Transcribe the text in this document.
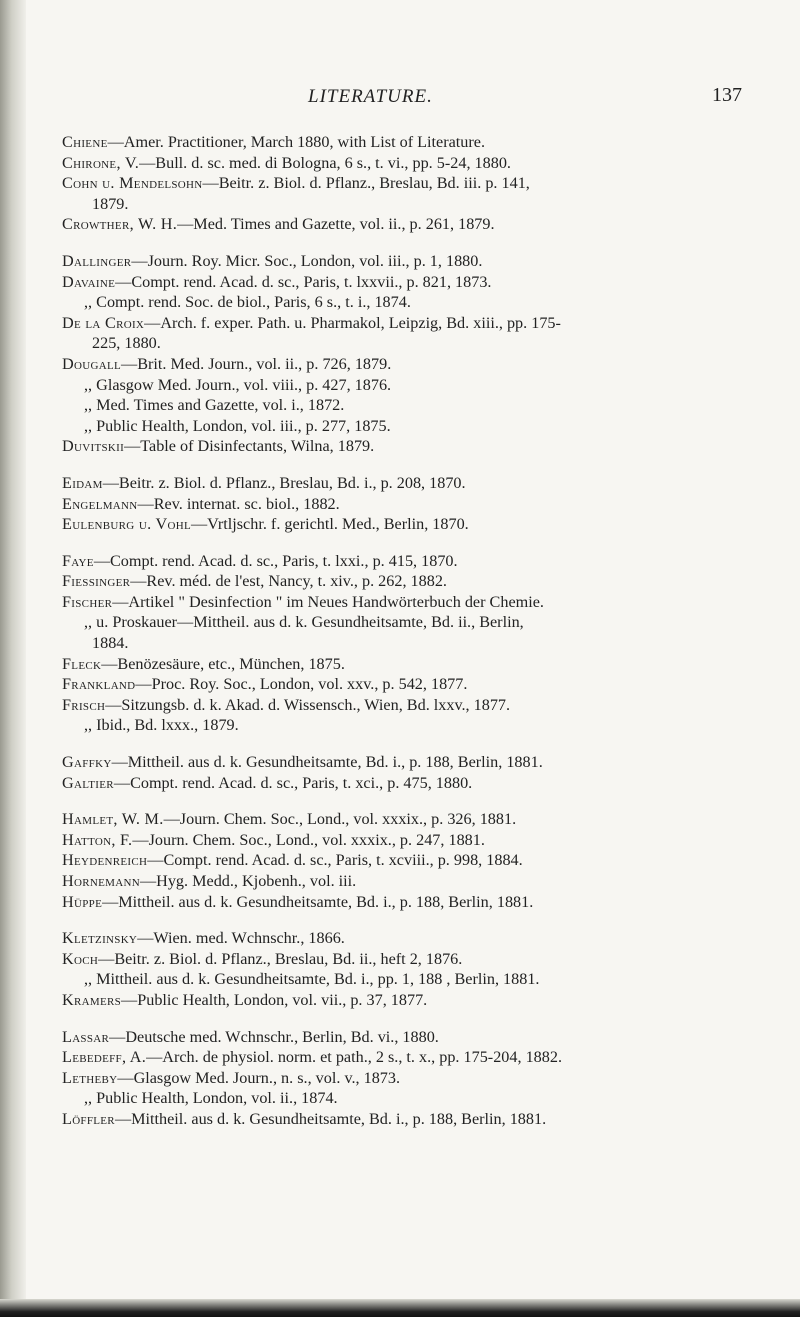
LITERATURE.	137
Chiene—Amer. Practitioner, March 1880, with List of Literature.
Chirone, V.—Bull. d. sc. med. di Bologna, 6 s., t. vi., pp. 5-24, 1880.
Cohn u. Mendelsohn—Beitr. z. Biol. d. Pflanz., Breslau, Bd. iii. p. 141,
1879.
Crowther, W. H.—Med. Times and Gazette, vol. ii., p. 261, 1879.
Dallinger—Journ. Roy. Micr. Soc., London, vol. iii., p. 1, 1880.
Davaine—Compt. rend. Acad. d. sc., Paris, t. lxxvii., p. 821, 1873.
,, Compt. rend. Soc. de biol., Paris, 6 s., t. i., 1874.
De la Croix—Arch. f. exper. Path. u. Pharmakol, Leipzig, Bd. xiii., pp. 175-
225, 1880.
Dougall—Brit. Med. Journ., vol. ii., p. 726, 1879.
,, Glasgow Med. Journ., vol. viii., p. 427, 1876.
,, Med. Times and Gazette, vol. i., 1872.
,, Public Health, London, vol. iii., p. 277, 1875.
Duvitskii—Table of Disinfectants, Wilna, 1879.
Eidam—Beitr. z. Biol. d. Pflanz., Breslau, Bd. i., p. 208, 1870.
Engelmann—Rev. internat. sc. biol., 1882.
Eulenburg u. Vohl—Vrtljschr. f. gerichtl. Med., Berlin, 1870.
Faye—Compt. rend. Acad. d. sc., Paris, t. lxxi., p. 415, 1870.
Fiessinger—Rev. méd. de l'est, Nancy, t. xiv., p. 262, 1882.
Fischer—Artikel " Desinfection " im Neues Handwörterbuch der Chemie.
,, u. Proskauer—Mittheil. aus d. k. Gesundheitsamte, Bd. ii., Berlin,
1884.
Fleck—Benözesäure, etc., München, 1875.
Frankland—Proc. Roy. Soc., London, vol. xxv., p. 542, 1877.
Frisch—Sitzungsb. d. k. Akad. d. Wissensch., Wien, Bd. lxxv., 1877.
,, Ibid., Bd. lxxx., 1879.
Gaffky—Mittheil. aus d. k. Gesundheitsamte, Bd. i., p. 188, Berlin, 1881.
Galtier—Compt. rend. Acad. d. sc., Paris, t. xci., p. 475, 1880.
Hamlet, W. M.—Journ. Chem. Soc., Lond., vol. xxxix., p. 326, 1881.
Hatton, F.—Journ. Chem. Soc., Lond., vol. xxxix., p. 247, 1881.
Heydenreich—Compt. rend. Acad. d. sc., Paris, t. xcviii., p. 998, 1884.
Hornemann—Hyg. Medd., Kjobenh., vol. iii.
Hüppe—Mittheil. aus d. k. Gesundheitsamte, Bd. i., p. 188, Berlin, 1881.
Kletzinsky—Wien. med. Wchnschr., 1866.
Koch—Beitr. z. Biol. d. Pflanz., Breslau, Bd. ii., heft 2, 1876.
,, Mittheil. aus d. k. Gesundheitsamte, Bd. i., pp. 1, 188 , Berlin, 1881.
Kramers—Public Health, London, vol. vii., p. 37, 1877.
Lassar—Deutsche med. Wchnschr., Berlin, Bd. vi., 1880.
Lebedeff, A.—Arch. de physiol. norm. et path., 2 s., t. x., pp. 175-204, 1882.
Letheby—Glasgow Med. Journ., n. s., vol. v., 1873.
,, Public Health, London, vol. ii., 1874.
Löffler—Mittheil. aus d. k. Gesundheitsamte, Bd. i., p. 188, Berlin, 1881.
